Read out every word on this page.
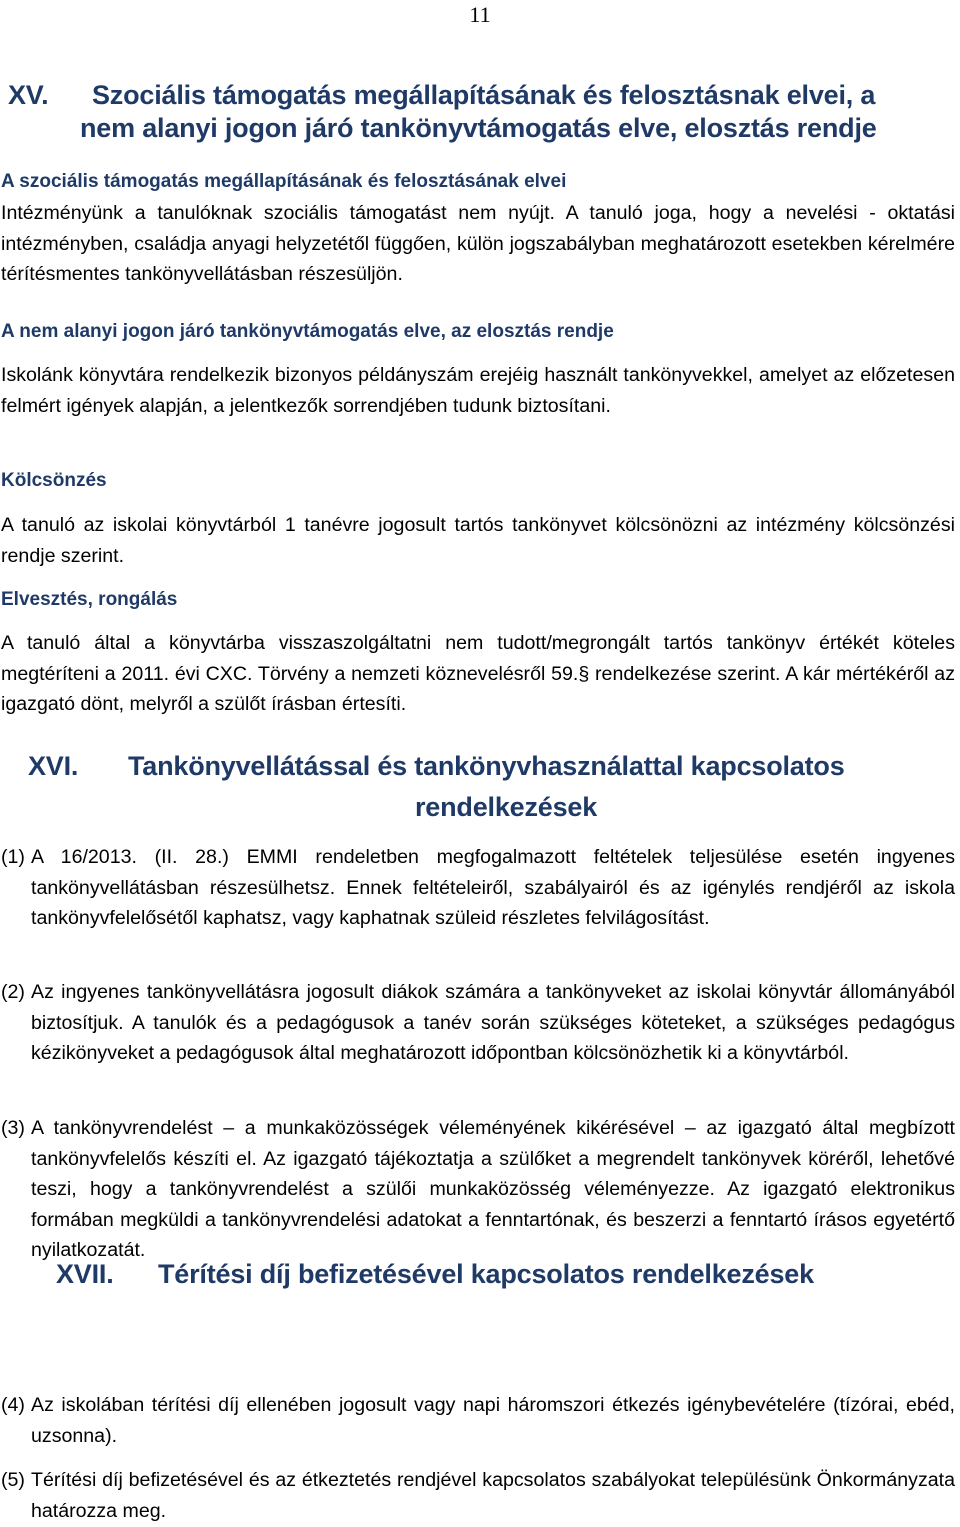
11
XV. Szociális támogatás megállapításának és felosztásnak elvei, a
nem alanyi jogon járó tankönyvtámogatás elve, elosztás rendje
A szociális támogatás megállapításának és felosztásának elvei
Intézményünk a tanulóknak szociális támogatást nem nyújt. A tanuló joga, hogy a nevelési - oktatási intézményben, családja anyagi helyzetétől függően, külön jogszabályban meghatározott esetekben kérelmére térítésmentes tankönyvellátásban részesüljön.
A nem alanyi jogon járó tankönyvtámogatás elve, az elosztás rendje
Iskolánk könyvtára rendelkezik bizonyos példányszám erejéig használt tankönyvekkel, amelyet az előzetesen felmért igények alapján, a jelentkezők sorrendjében tudunk biztosítani.
Kölcsönzés
A tanuló az iskolai könyvtárból 1 tanévre jogosult tartós tankönyvet kölcsönözni az intézmény kölcsönzési rendje szerint.
Elvesztés, rongálás
A tanuló által a könyvtárba visszaszolgáltatni nem tudott/megrongált tartós tankönyv értékét köteles megtéríteni a 2011. évi CXC. Törvény a nemzeti köznevelésről 59.§ rendelkezése szerint. A kár mértékéről az igazgató dönt, melyről a szülőt írásban értesíti.
XVI. Tankönyvellátással és tankönyvhasználattal kapcsolatos
rendelkezések
(1) A 16/2013. (II. 28.) EMMI rendeletben megfogalmazott feltételek teljesülése esetén ingyenes tankönyvellátásban részesülhetsz. Ennek feltételeiről, szabályairól és az igénylés rendjéről az iskola tankönyvfelelősétől kaphatsz, vagy kaphatnak szüleid részletes felvilágosítást.
(2) Az ingyenes tankönyvellátásra jogosult diákok számára a tankönyveket az iskolai könyvtár állományából biztosítjuk. A tanulók és a pedagógusok a tanév során szükséges köteteket, a szükséges pedagógus kézikönyveket a pedagógusok által meghatározott időpontban kölcsönözhetik ki a könyvtárból.
(3) A tankönyvrendelést – a munkaközösségek véleményének kikérésével – az igazgató által megbízott tankönyvfelelős készíti el. Az igazgató tájékoztatja a szülőket a megrendelt tankönyvek köréről, lehetővé teszi, hogy a tankönyvrendelést a szülői munkaközösség véleményezze. Az igazgató elektronikus formában megküldi a tankönyvrendelési adatokat a fenntartónak, és beszerzi a fenntartó írásos egyetértő nyilatkozatát.
XVII. Térítési díj befizetésével kapcsolatos rendelkezések
(4) Az iskolában térítési díj ellenében jogosult vagy napi háromszori étkezés igénybevételére (tízórai, ebéd, uzsonna).
(5) Térítési díj befizetésével és az étkeztetés rendjével kapcsolatos szabályokat településünk Önkormányzata határozza meg.
